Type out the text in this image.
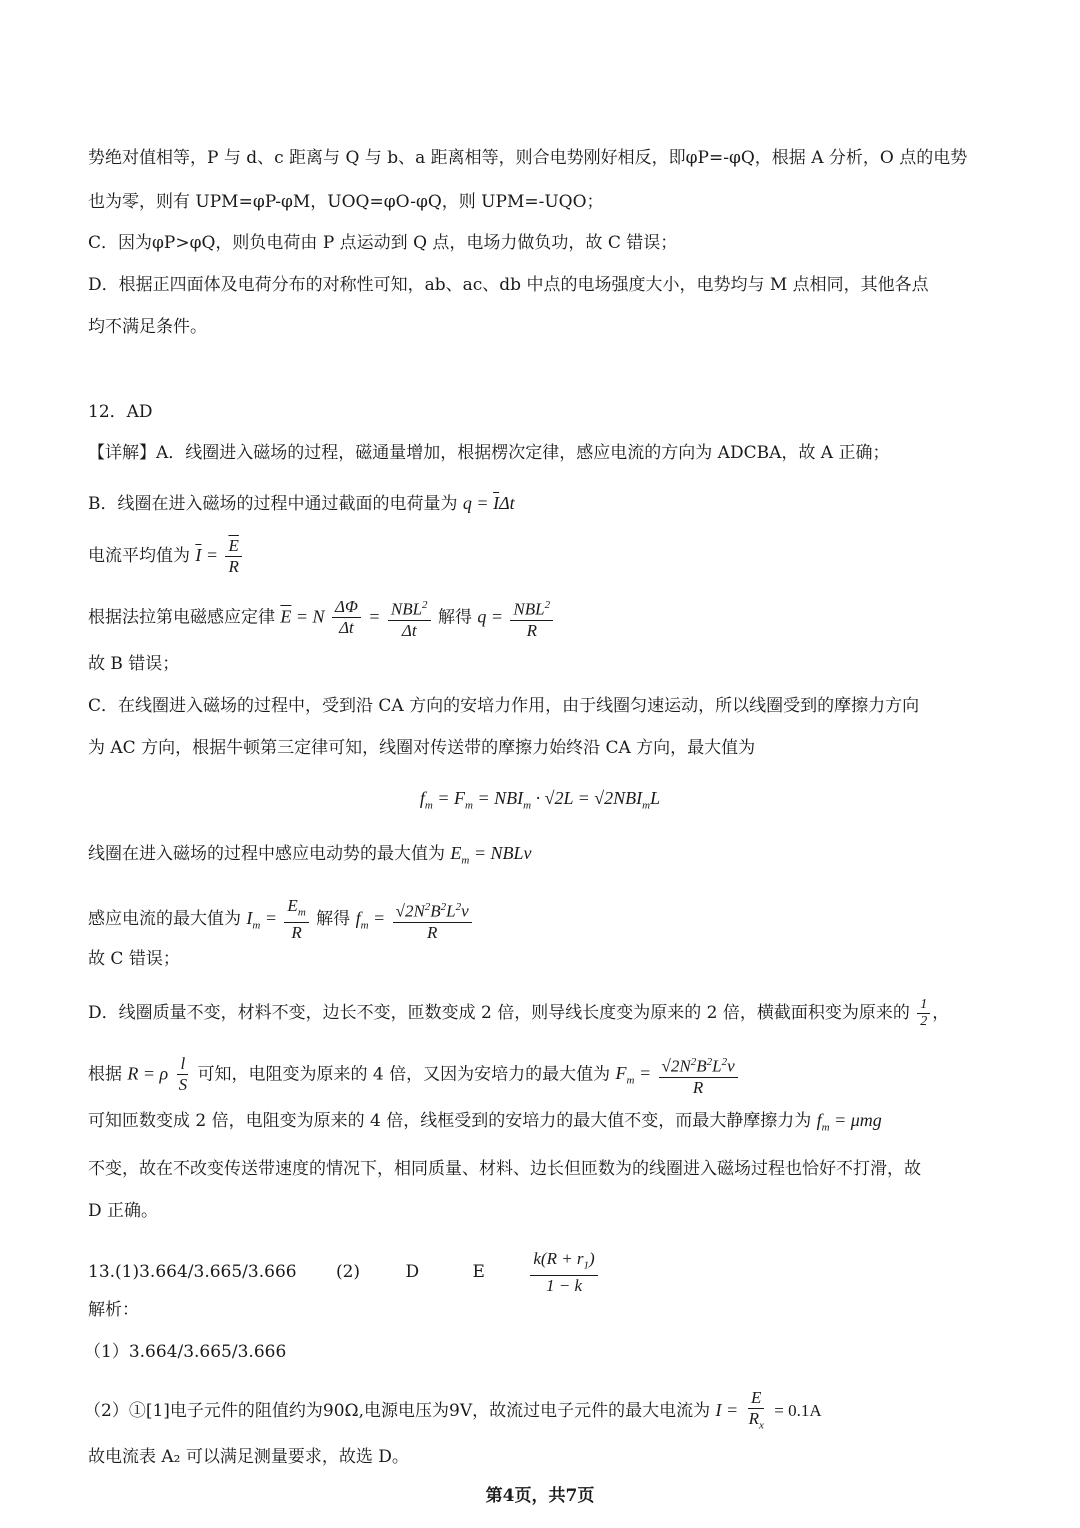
势绝对值相等，P 与 d、c 距离与 Q 与 b、a 距离相等，则合电势刚好相反，即φP=-φQ，根据 A 分析，O 点的电势
也为零，则有 UPM=φP-φM，UOQ=φO-φQ，则 UPM=-UQO；
C．因为φP>φQ，则负电荷由 P 点运动到 Q 点，电场力做负功，故 C 错误；
D．根据正四面体及电荷分布的对称性可知，ab、ac、db 中点的电场强度大小，电势均与 M 点相同，其他各点
均不满足条件。
12．AD
【详解】A．线圈进入磁场的过程，磁通量增加，根据楞次定律，感应电流的方向为 ADCBA，故 A 正确；
B．线圈在进入磁场的过程中通过截面的电荷量为 $q = \overline{I}\Delta t$
电流平均值为 $\overline{I} = \frac{\overline{E}}{R}$
根据法拉第电磁感应定律 $\overline{E} = N \frac{\Delta\Phi}{\Delta t} = NBL^2$
Δt
解得 $q = NBL^2$
R
故 B 错误；
C．在线圈进入磁场的过程中，受到沿 CA 方向的安培力作用，由于线圈匀速运动，所以线圈受到的摩擦力方向
为 AC 方向，根据牛顿第三定律可知，线圈对传送带的摩擦力始终沿 CA 方向，最大值为
$f_m = F_m = NBI_m \cdot √2L = √2NBI_mL$
线圈在进入磁场的过程中感应电动势的最大值为 $E_m$ = NBLv
感应电流的最大值为 $I_m = \frac{E_m}{R}$ 解得 $f_m = \frac{√2N^2B^2L^2v}{R}$
故 C 错误；
D．线圈质量不变，材料不变，边长不变，匝数变成 2 倍，则导线长度变为原来的 2 倍，横截面积变为原来的 $\frac{1}{2}$ ，
根据 R = ρ $\frac{l}{S}$ 可知，电阻变为原来的 4 倍，又因为安培力的最大值为 $F_m = \frac{√2N^2B^2L^2v}{R}$
可知匝数变成 2 倍，电阻变为原来的 4 倍，线框受到的安培力的最大值不变，而最大静摩擦力为 $f_m = \mu mg$
不变，故在不改变传送带速度的情况下，相同质量、材料、边长但匝数为的线圈进入磁场过程也恰好不打滑，故
D 正确。
13.(1)3.664/3.665/3.666 (2)	D	E	$\frac{k(R + r_1)}{1 - k}$
解析：
（1）3.664/3.665/3.666
（2）①[1]电子元件的阻值约为90Ω,电源电压为9V，故流过电子元件的最大电流为 $I = \frac{E}{R_x} = 0.1A$
故电流表 A₂ 可以满足测量要求，故选 D。
第4页，共7页
